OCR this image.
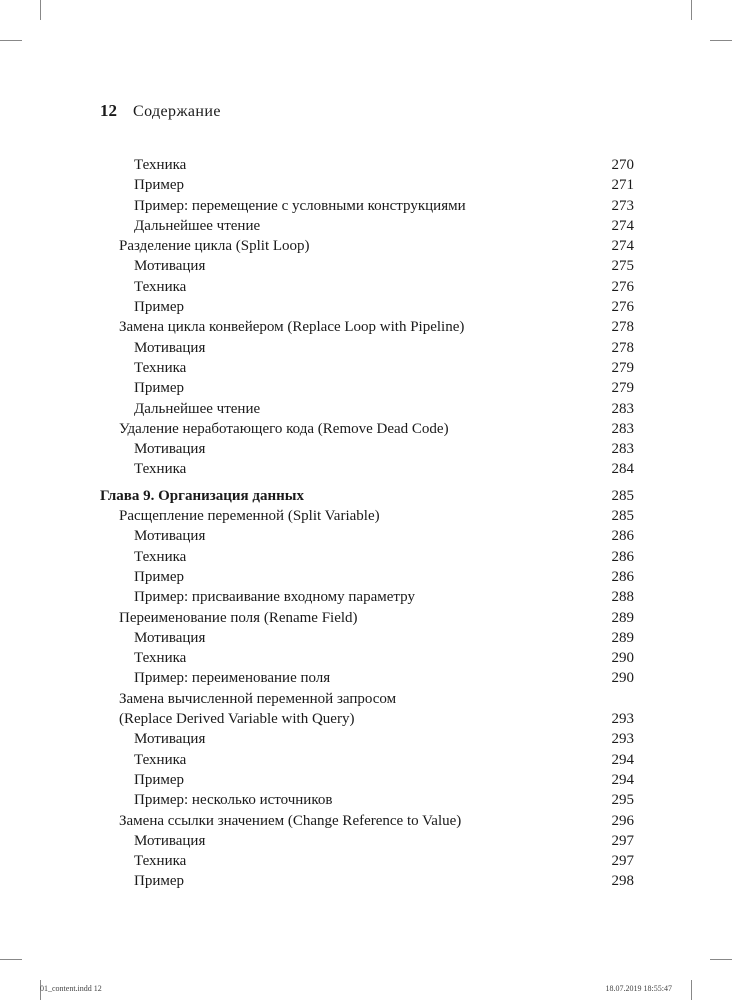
12 Содержание
Техника	270
Пример	271
Пример: перемещение с условными конструкциями	273
Дальнейшее чтение	274
Разделение цикла (Split Loop)	274
Мотивация	275
Техника	276
Пример	276
Замена цикла конвейером (Replace Loop with Pipeline)	278
Мотивация	278
Техника	279
Пример	279
Дальнейшее чтение	283
Удаление неработающего кода (Remove Dead Code)	283
Мотивация	283
Техника	284
Глава 9. Организация данных	285
Расщепление переменной (Split Variable)	285
Мотивация	286
Техника	286
Пример	286
Пример: присваивание входному параметру	288
Переименование поля (Rename Field)	289
Мотивация	289
Техника	290
Пример: переименование поля	290
Замена вычисленной переменной запросом
(Replace Derived Variable with Query)	293
Мотивация	293
Техника	294
Пример	294
Пример: несколько источников	295
Замена ссылки значением (Change Reference to Value)	296
Мотивация	297
Техника	297
Пример	298
01_content.indd 12	18.07.2019 18:55:47
